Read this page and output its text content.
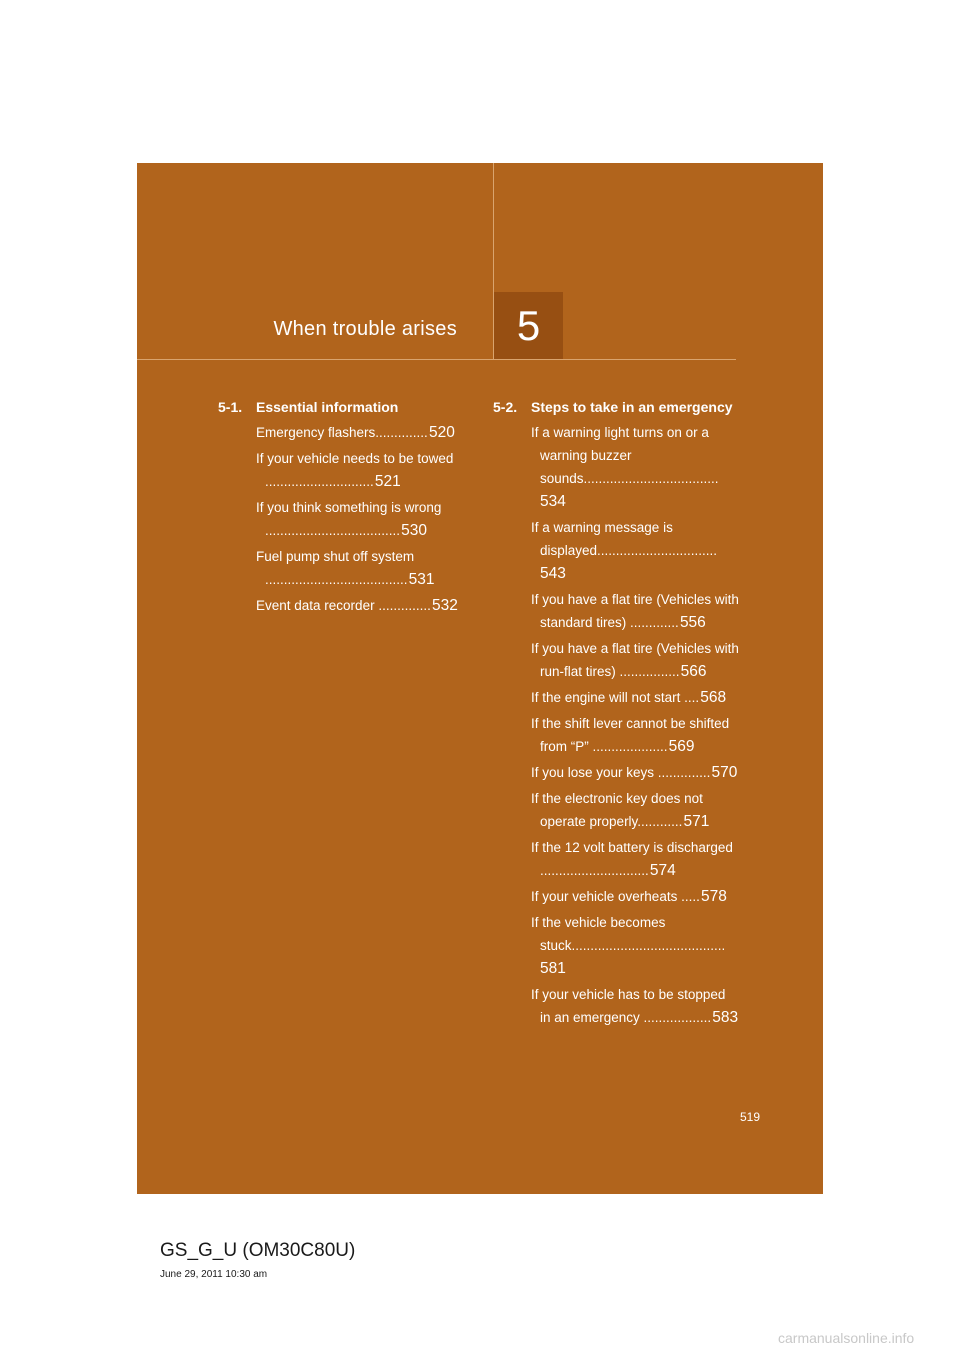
When trouble arises	5
5-1. Essential information
Emergency flashers.............. 520
If your vehicle needs to be towed ............................. 521
If you think something is wrong .................................... 530
Fuel pump shut off system ...................................... 531
Event data recorder .............. 532
5-2. Steps to take in an emergency
If a warning light turns on or a warning buzzer sounds.................................... 534
If a warning message is displayed................................ 543
If you have a flat tire (Vehicles with standard tires) ............. 556
If you have a flat tire (Vehicles with run-flat tires) ................ 566
If the engine will not start .... 568
If the shift lever cannot be shifted from “P” .................... 569
If you lose your keys .............. 570
If the electronic key does not operate properly............ 571
If the 12 volt battery is discharged ............................. 574
If your vehicle overheats ..... 578
If the vehicle becomes stuck......................................... 581
If your vehicle has to be stopped in an emergency .................. 583
519
GS_G_U (OM30C80U)
June 29, 2011 10:30 am
carmanualsonline.info
